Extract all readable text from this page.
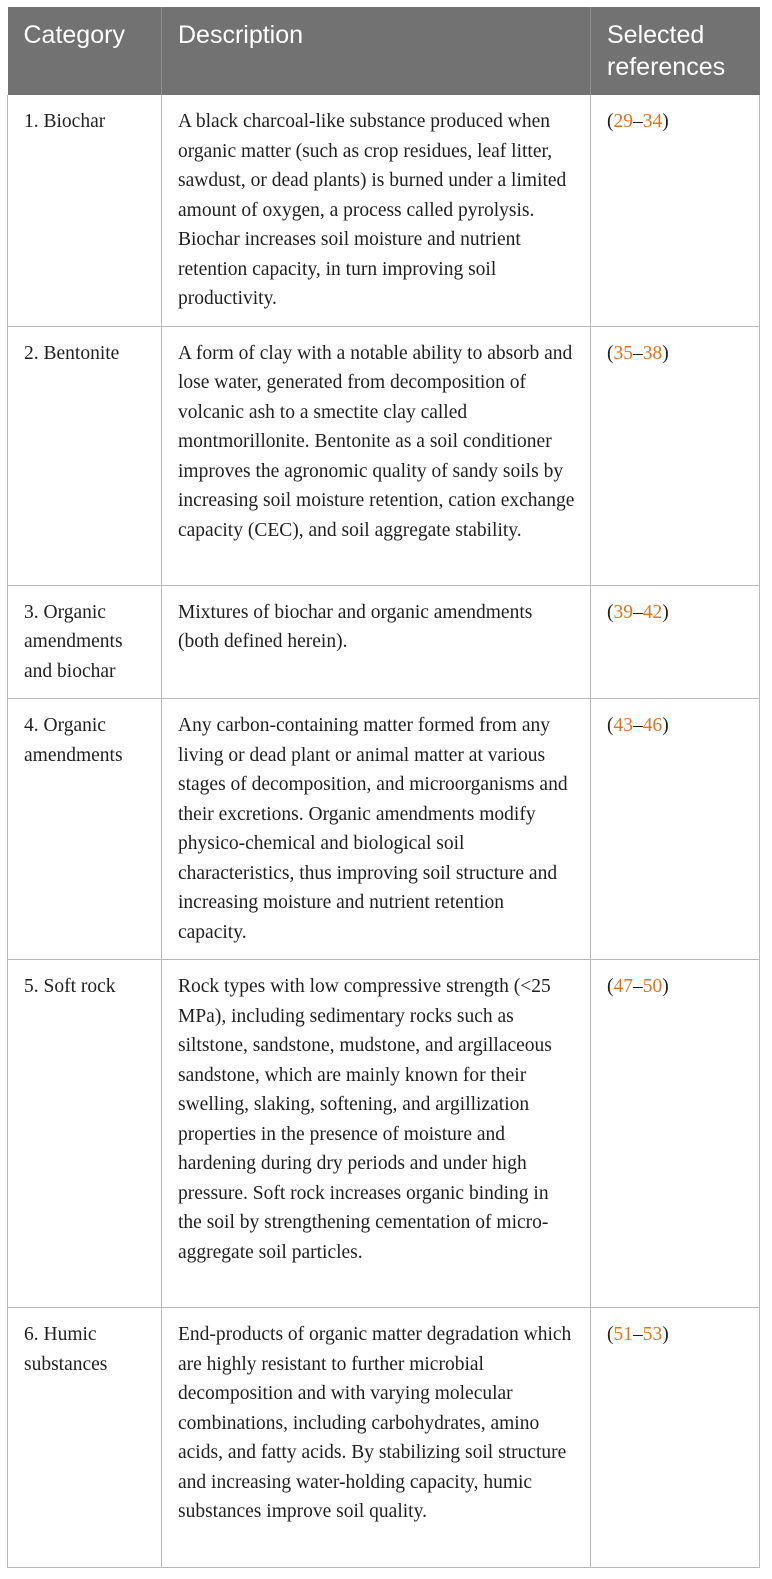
Category	Description	Selected references
1. Biochar	A black charcoal-like substance produced when organic matter (such as crop residues, leaf litter, sawdust, or dead plants) is burned under a limited amount of oxygen, a process called pyrolysis. Biochar increases soil moisture and nutrient retention capacity, in turn improving soil productivity.	(29–34)
2. Bentonite	A form of clay with a notable ability to absorb and lose water, generated from decomposition of volcanic ash to a smectite clay called montmorillonite. Bentonite as a soil conditioner improves the agronomic quality of sandy soils by increasing soil moisture retention, cation exchange capacity (CEC), and soil aggregate stability.	(35–38)
3. Organic amendments and biochar	Mixtures of biochar and organic amendments (both defined herein).	(39–42)
4. Organic amendments	Any carbon-containing matter formed from any living or dead plant or animal matter at various stages of decomposition, and microorganisms and their excretions. Organic amendments modify physico-chemical and biological soil characteristics, thus improving soil structure and increasing moisture and nutrient retention capacity.	(43–46)
5. Soft rock	Rock types with low compressive strength (<25 MPa), including sedimentary rocks such as siltstone, sandstone, mudstone, and argillaceous sandstone, which are mainly known for their swelling, slaking, softening, and argillization properties in the presence of moisture and hardening during dry periods and under high pressure. Soft rock increases organic binding in the soil by strengthening cementation of micro-aggregate soil particles.	(47–50)
6. Humic substances	End-products of organic matter degradation which are highly resistant to further microbial decomposition and with varying molecular combinations, including carbohydrates, amino acids, and fatty acids. By stabilizing soil structure and increasing water-holding capacity, humic substances improve soil quality.	(51–53)
